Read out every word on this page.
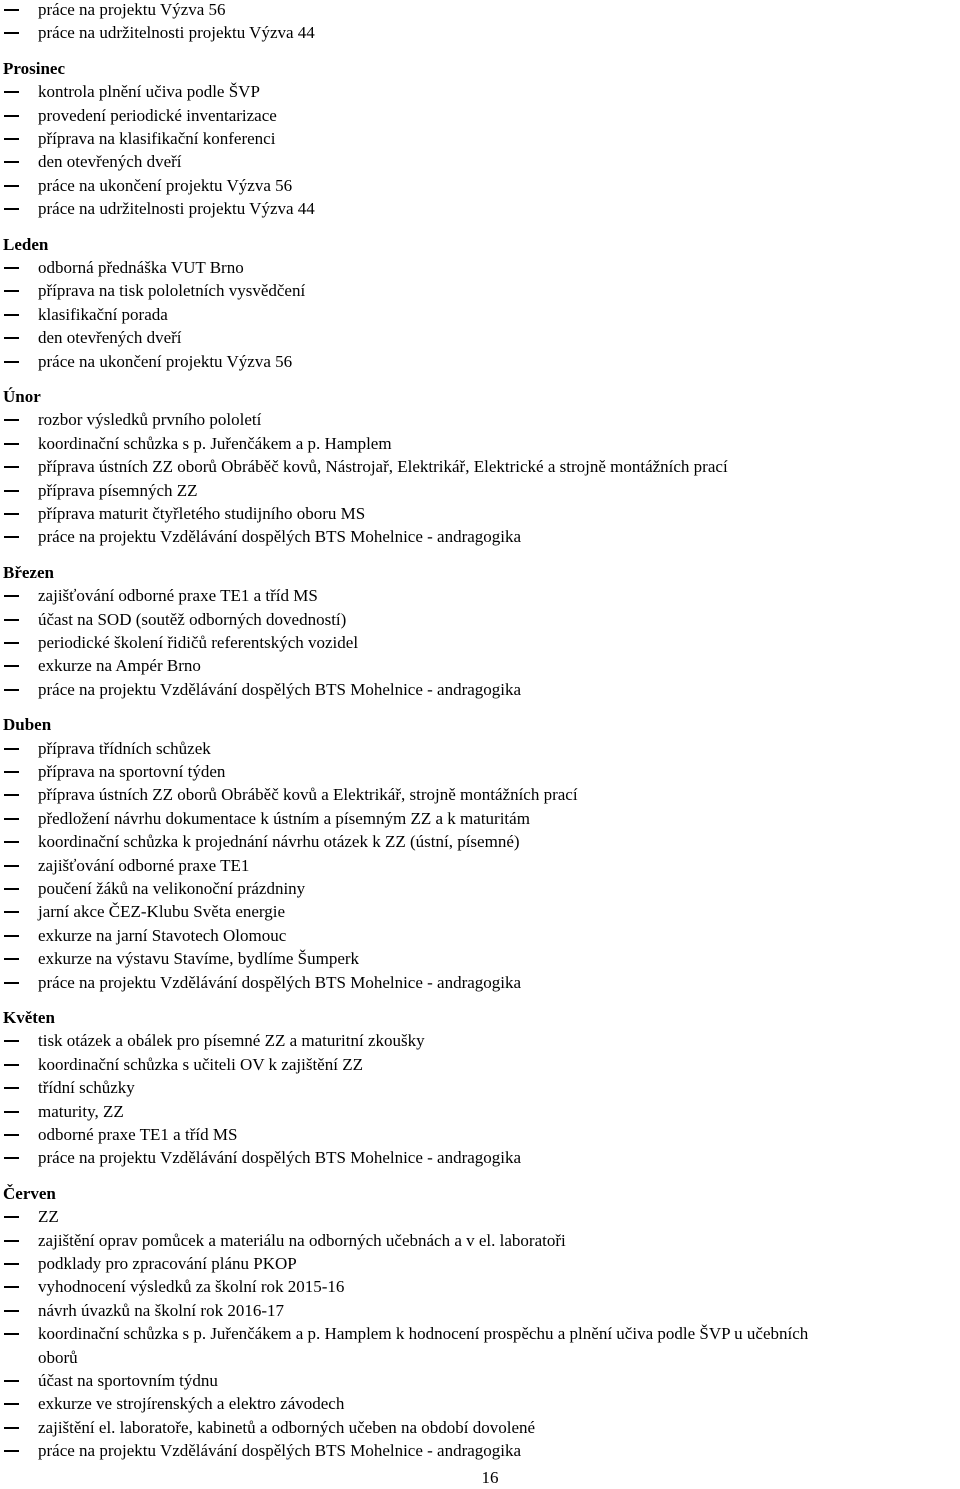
práce na projektu Výzva 56
práce na udržitelnosti projektu Výzva 44
Prosinec
kontrola plnění učiva podle ŠVP
provedení periodické inventarizace
příprava na klasifikační konferenci
den otevřených dveří
práce na ukončení projektu Výzva 56
práce na udržitelnosti projektu Výzva 44
Leden
odborná přednáška VUT Brno
příprava na tisk pololetních vysvědčení
klasifikační porada
den otevřených dveří
práce na ukončení projektu Výzva 56
Únor
rozbor výsledků prvního pololetí
koordinační schůzka s p. Juřenčákem a p. Hamplem
příprava ústních ZZ oborů Obráběč kovů, Nástrojař, Elektrikář, Elektrické a strojně montážních prací
příprava písemných ZZ
příprava maturit čtyřletého studijního oboru MS
práce na projektu Vzdělávání dospělých BTS Mohelnice - andragogika
Březen
zajišťování odborné praxe TE1 a tříd MS
účast na SOD (soutěž odborných dovedností)
periodické školení řidičů referentských vozidel
exkurze na Ampér Brno
práce na projektu Vzdělávání dospělých BTS Mohelnice - andragogika
Duben
příprava třídních schůzek
příprava na sportovní týden
příprava ústních ZZ oborů Obráběč kovů a Elektrikář, strojně montážních prací
předložení návrhu dokumentace k ústním a písemným ZZ a k maturitám
koordinační schůzka k projednání návrhu otázek k ZZ (ústní, písemné)
zajišťování odborné praxe TE1
poučení žáků na velikonoční prázdniny
jarní akce ČEZ-Klubu Světa energie
exkurze na jarní Stavotech Olomouc
exkurze na výstavu Stavíme, bydlíme Šumperk
práce na projektu Vzdělávání dospělých BTS Mohelnice - andragogika
Květen
tisk otázek a obálek pro písemné ZZ a maturitní zkoušky
koordinační schůzka s učiteli OV k zajištění ZZ
třídní schůzky
maturity, ZZ
odborné praxe TE1 a tříd MS
práce na projektu Vzdělávání dospělých BTS Mohelnice - andragogika
Červen
ZZ
zajištění oprav pomůcek a materiálu na odborných učebnách a v el. laboratoři
podklady pro zpracování plánu PKOP
vyhodnocení výsledků za školní rok 2015-16
návrh úvazků na školní rok 2016-17
koordinační schůzka s p. Juřenčákem a p. Hamplem k hodnocení prospěchu a plnění učiva podle ŠVP u učebních
oborů
účast na sportovním týdnu
exkurze ve strojírenských a elektro závodech
zajištění el. laboratoře, kabinetů a odborných učeben na období dovolené
práce na projektu Vzdělávání dospělých BTS Mohelnice - andragogika
16
